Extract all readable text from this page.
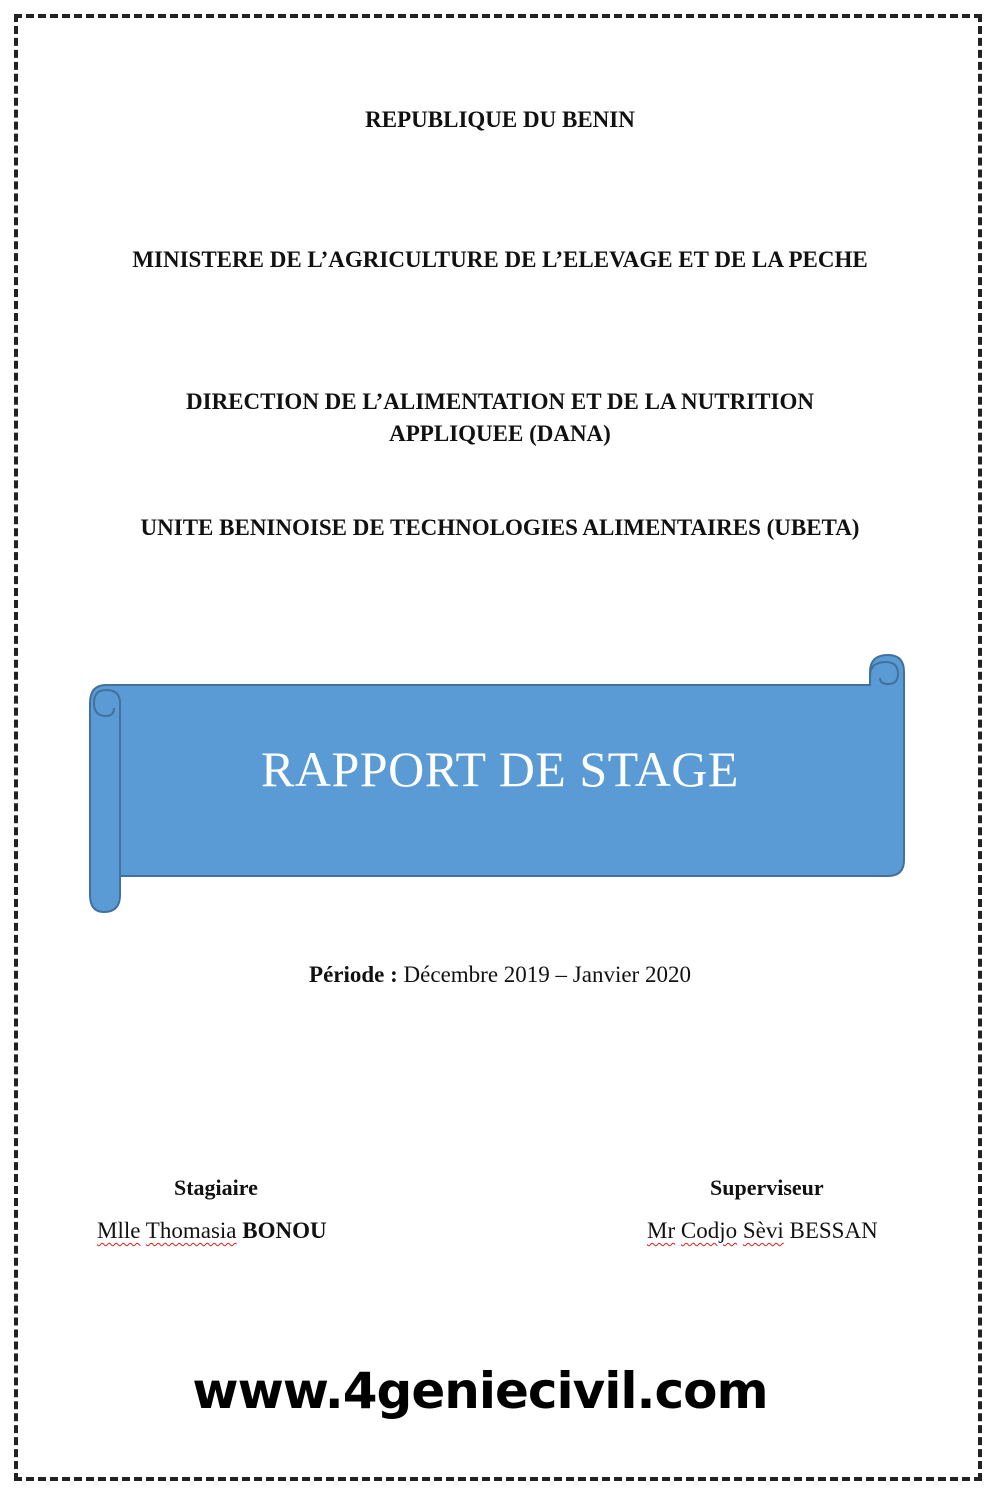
REPUBLIQUE DU BENIN
MINISTERE DE L’AGRICULTURE DE L’ELEVAGE ET DE LA PECHE
DIRECTION DE L’ALIMENTATION ET DE LA NUTRITION
APPLIQUEE (DANA)
UNITE BENINOISE DE TECHNOLOGIES ALIMENTAIRES (UBETA)
RAPPORT DE STAGE
Période : Décembre 2019 – Janvier 2020
Stagiaire
Mlle Thomasia BONOU
Superviseur
Mr Codjo Sèvi BESSAN
www.4geniecivil.com
